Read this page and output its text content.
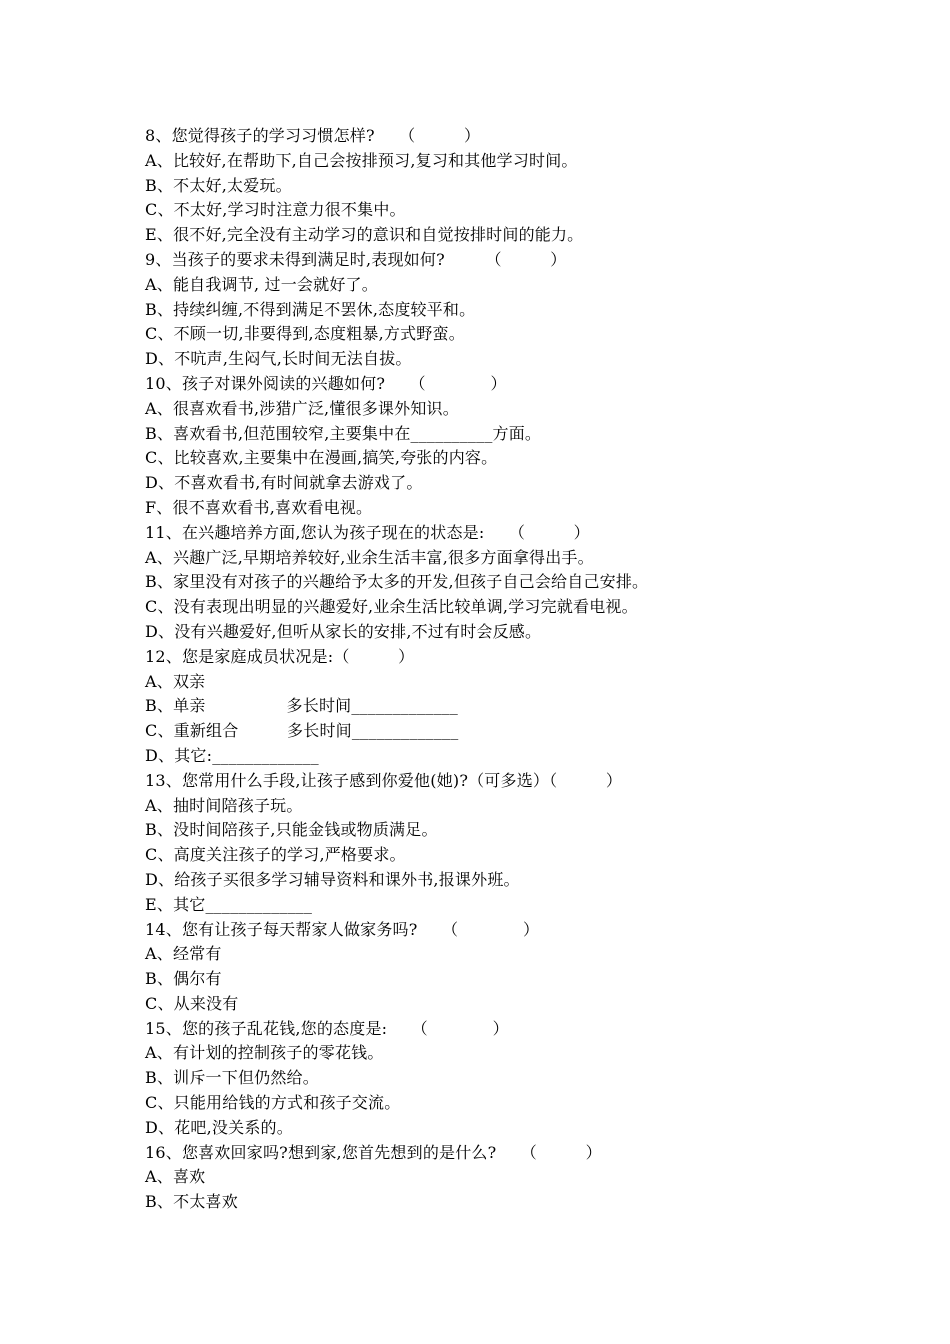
8、您觉得孩子的学习习惯怎样?　　（　　　）
A、比较好,在帮助下,自己会按排预习,复习和其他学习时间。
B、不太好,太爱玩。
C、不太好,学习时注意力很不集中。
E、很不好,完全没有主动学习的意识和自觉按排时间的能力。
9、当孩子的要求未得到满足时,表现如何?　　　（　　　）
A、能自我调节, 过一会就好了。
B、持续纠缠,不得到满足不罢休,态度较平和。
C、不顾一切,非要得到,态度粗暴,方式野蛮。
D、不吭声,生闷气,长时间无法自拔。
10、孩子对课外阅读的兴趣如何?　　（　　　　）
A、很喜欢看书,涉猎广泛,懂很多课外知识。
B、喜欢看书,但范围较窄,主要集中在__________方面。
C、比较喜欢,主要集中在漫画,搞笑,夸张的内容。
D、不喜欢看书,有时间就拿去游戏了。
F、很不喜欢看书,喜欢看电视。
11、在兴趣培养方面,您认为孩子现在的状态是:　　（　　　）
A、兴趣广泛,早期培养较好,业余生活丰富,很多方面拿得出手。
B、家里没有对孩子的兴趣给予太多的开发,但孩子自己会给自己安排。
C、没有表现出明显的兴趣爱好,业余生活比较单调,学习完就看电视。
D、没有兴趣爱好,但听从家长的安排,不过有时会反感。
12、您是家庭成员状况是:（　　　）
A、双亲
B、单亲　　　　　多长时间_____________
C、重新组合　　　多长时间_____________
D、其它:_____________
13、您常用什么手段,让孩子感到你爱他(她)?（可多选）（　　　）
A、抽时间陪孩子玩。
B、没时间陪孩子,只能金钱或物质满足。
C、高度关注孩子的学习,严格要求。
D、给孩子买很多学习辅导资料和课外书,报课外班。
E、其它_____________
14、您有让孩子每天帮家人做家务吗?　　（　　　　）
A、经常有
B、偶尔有
C、从来没有
15、您的孩子乱花钱,您的态度是:　　（　　　　）
A、有计划的控制孩子的零花钱。
B、训斥一下但仍然给。
C、只能用给钱的方式和孩子交流。
D、花吧,没关系的。
16、您喜欢回家吗?想到家,您首先想到的是什么?　　（　　　）
A、喜欢
B、不太喜欢
